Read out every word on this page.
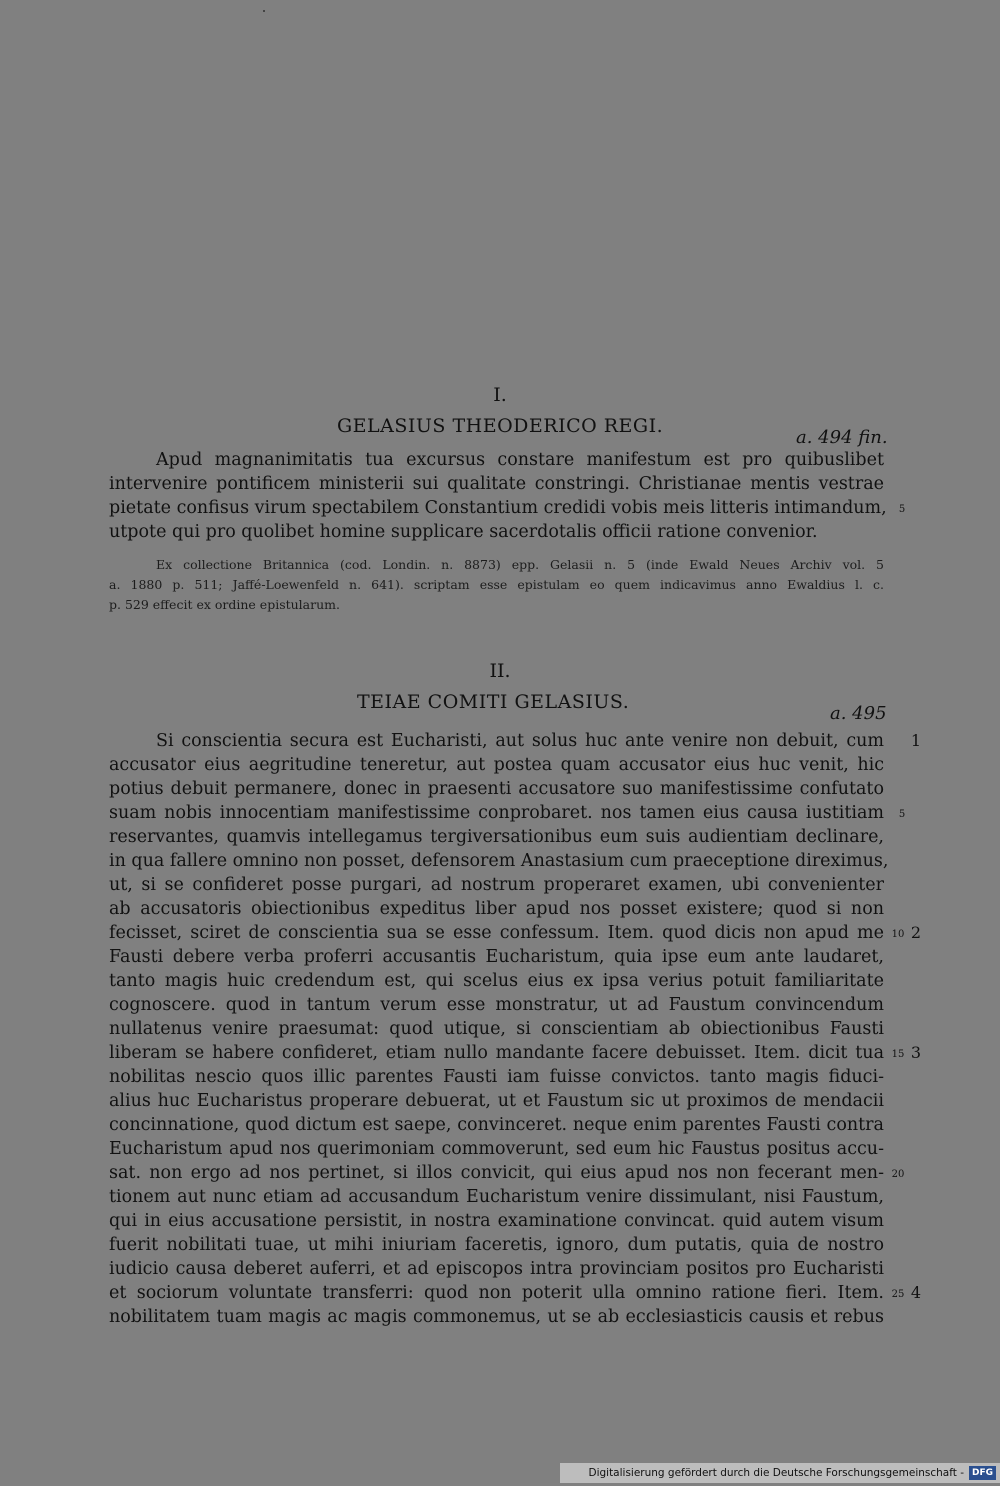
I.
GELASIUS THEODERICO REGI.
a. 494 fin.
Apud magnanimitatis tua excursus constare manifestum est pro quibuslibet
intervenire pontificem ministerii sui qualitate constringi. Christianae mentis vestrae
pietate confisus virum spectabilem Constantium credidi vobis meis litteris intimandum,
utpote qui pro quolibet homine supplicare sacerdotalis officii ratione convenior.
5
Ex collectione Britannica (cod. Londin. n. 8873) epp. Gelasii n. 5 (inde Ewald Neues Archiv vol. 5
a. 1880 p. 511; Jaffé-Loewenfeld n. 641). scriptam esse epistulam eo quem indicavimus anno Ewaldius l. c.
p. 529 effecit ex ordine epistularum.
II.
TEIAE COMITI GELASIUS.
a. 495
Si conscientia secura est Eucharisti, aut solus huc ante venire non debuit, cum
accusator eius aegritudine teneretur, aut postea quam accusator eius huc venit, hic
potius debuit permanere, donec in praesenti accusatore suo manifestissime confutato
suam nobis innocentiam manifestissime conprobaret. nos tamen eius causa iustitiam
reservantes, quamvis intellegamus tergiversationibus eum suis audientiam declinare,
in qua fallere omnino non posset, defensorem Anastasium cum praeceptione direximus,
ut, si se confideret posse purgari, ad nostrum properaret examen, ubi convenienter
ab accusatoris obiectionibus expeditus liber apud nos posset existere; quod si non
fecisset, sciret de conscientia sua se esse confessum. Item. quod dicis non apud me
Fausti debere verba proferri accusantis Eucharistum, quia ipse eum ante laudaret,
tanto magis huic credendum est, qui scelus eius ex ipsa verius potuit familiaritate
cognoscere. quod in tantum verum esse monstratur, ut ad Faustum convincendum
nullatenus venire praesumat: quod utique, si conscientiam ab obiectionibus Fausti
liberam se habere confideret, etiam nullo mandante facere debuisset. Item. dicit tua
nobilitas nescio quos illic parentes Fausti iam fuisse convictos. tanto magis fiduci-
alius huc Eucharistus properare debuerat, ut et Faustum sic ut proximos de mendacii
concinnatione, quod dictum est saepe, convinceret. neque enim parentes Fausti contra
Eucharistum apud nos querimoniam commoverunt, sed eum hic Faustus positus accu-
sat. non ergo ad nos pertinet, si illos convicit, qui eius apud nos non fecerant men-
tionem aut nunc etiam ad accusandum Eucharistum venire dissimulant, nisi Faustum,
qui in eius accusatione persistit, in nostra examinatione convincat. quid autem visum
fuerit nobilitati tuae, ut mihi iniuriam faceretis, ignoro, dum putatis, quia de nostro
iudicio causa deberet auferri, et ad episcopos intra provinciam positos pro Eucharisti
et sociorum voluntate transferri: quod non poterit ulla omnino ratione fieri. Item.
nobilitatem tuam magis ac magis commonemus, ut se ab ecclesiasticis causis et rebus
5
10
15
20
25
1
2
3
4
Digitalisierung gefördert durch die Deutsche Forschungsgemeinschaft - DFG
